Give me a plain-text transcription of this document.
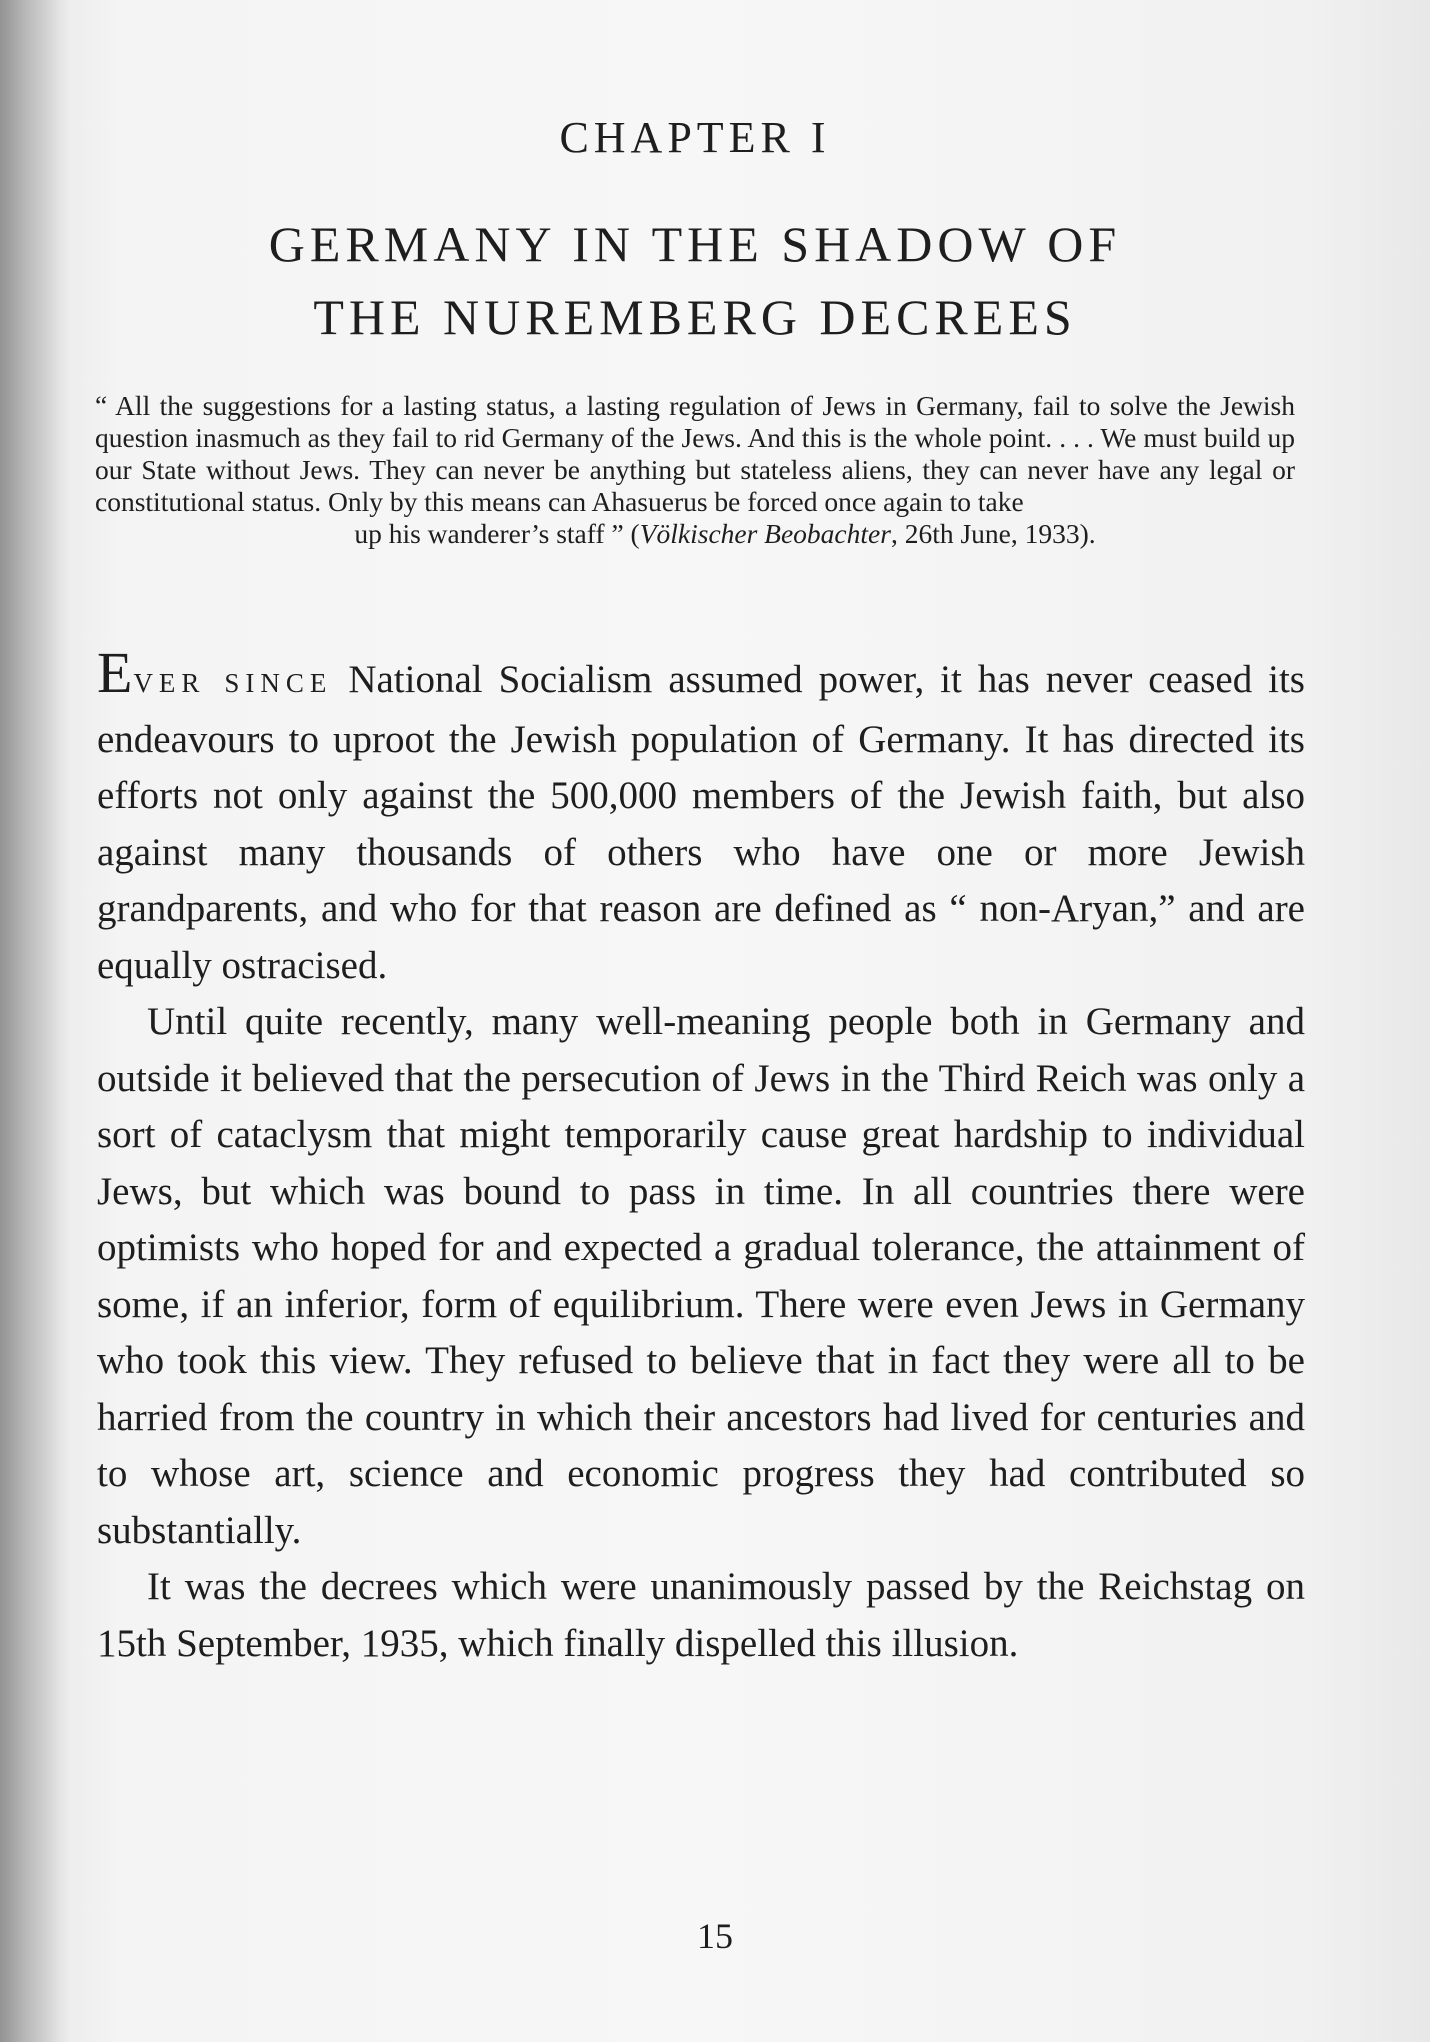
CHAPTER I
GERMANY IN THE SHADOW OF
THE NUREMBERG DECREES
“ All the suggestions for a lasting status, a lasting regulation of Jews in Germany, fail to solve the Jewish question inasmuch as they fail to rid Germany of the Jews. And this is the whole point. . . . We must build up our State without Jews. They can never be anything but stateless aliens, they can never have any legal or constitutional status. Only by this means can Ahasuerus be forced once again to take
up his wanderer’s staff ” (Völkischer Beobachter, 26th June, 1933).

EVER SINCE National Socialism assumed power, it has never ceased its endeavours to uproot the Jewish population of Germany. It has directed its efforts not only against the 500,000 members of the Jewish faith, but also against many thousands of others who have one or more Jewish grandparents, and who for that reason are defined as “ non-Aryan,” and are equally ostracised.

Until quite recently, many well-meaning people both in Germany and outside it believed that the persecution of Jews in the Third Reich was only a sort of cataclysm that might temporarily cause great hardship to individual Jews, but which was bound to pass in time. In all countries there were optimists who hoped for and expected a gradual tolerance, the attainment of some, if an inferior, form of equilibrium. There were even Jews in Germany who took this view. They refused to believe that in fact they were all to be harried from the country in which their ancestors had lived for centuries and to whose art, science and economic progress they had contributed so substantially.

It was the decrees which were unanimously passed by the Reichstag on 15th September, 1935, which finally dispelled this illusion.

15
